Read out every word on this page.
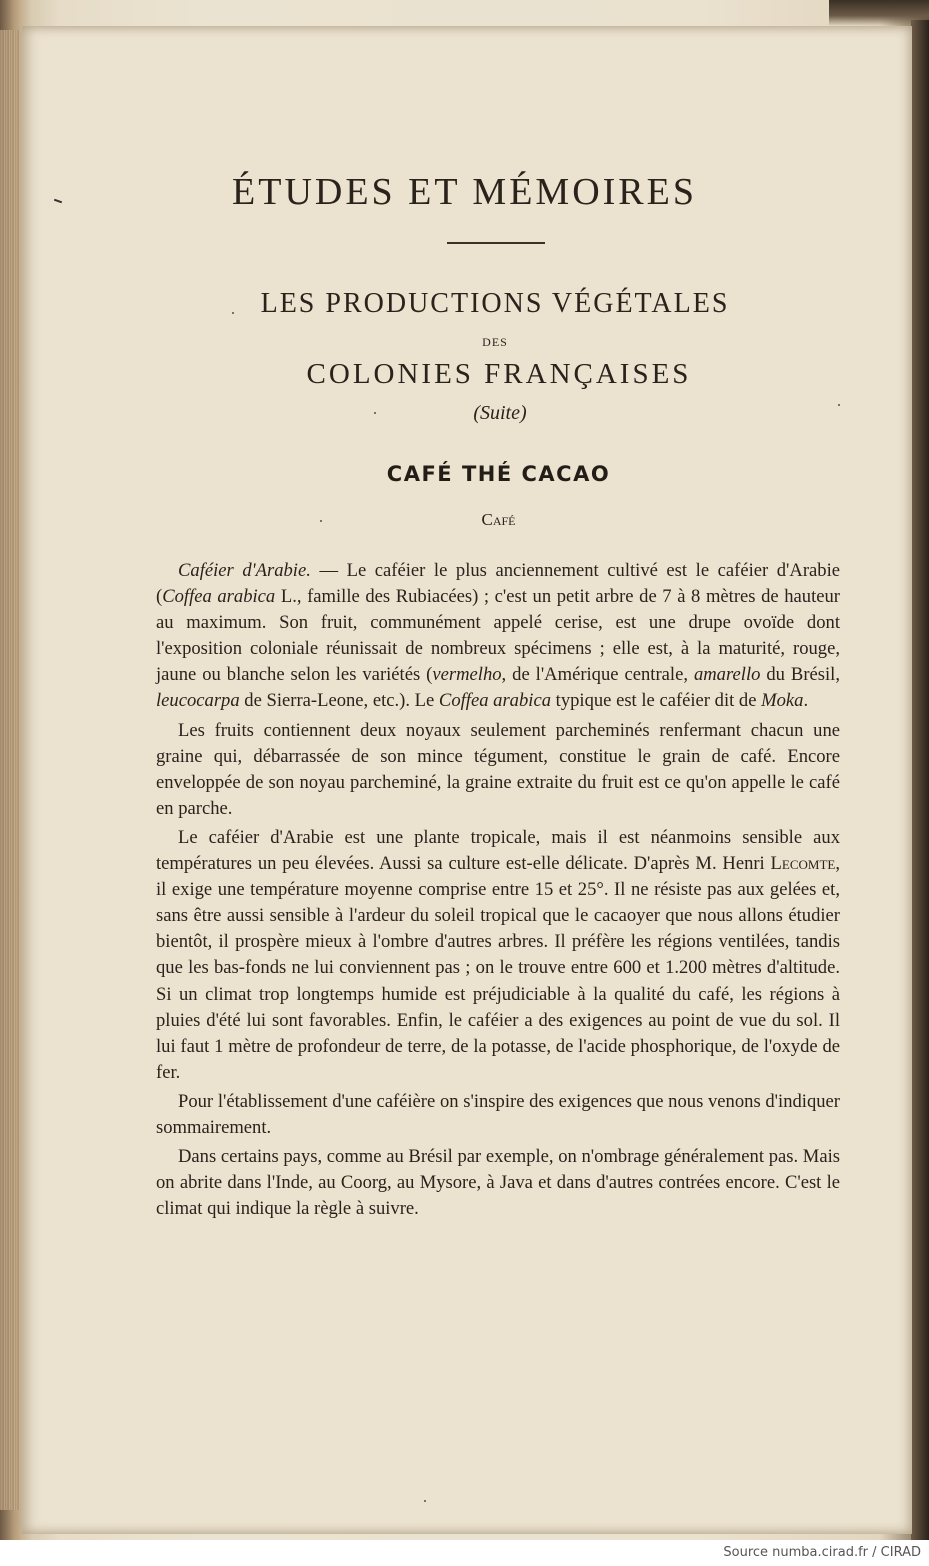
ÉTUDES ET MÉMOIRES
LES PRODUCTIONS VÉGÉTALES
DES
COLONIES FRANÇAISES
(Suite)
CAFÉ THÉ CACAO
Café

Caféier d'Arabie. — Le caféier le plus anciennement cultivé est le caféier d'Arabie (Coffea arabica L., famille des Rubiacées) ; c'est un petit arbre de 7 à 8 mètres de hauteur au maximum. Son fruit, communément appelé cerise, est une drupe ovoïde dont l'exposition coloniale réunissait de nombreux spécimens ; elle est, à la maturité, rouge, jaune ou blanche selon les variétés (vermelho, de l'Amérique centrale, amarello du Brésil, leucocarpa de Sierra-Leone, etc.). Le Coffea arabica typique est le caféier dit de Moka.

Les fruits contiennent deux noyaux seulement parcheminés renfermant chacun une graine qui, débarrassée de son mince tégument, constitue le grain de café. Encore enveloppée de son noyau parcheminé, la graine extraite du fruit est ce qu'on appelle le café en parche.

Le caféier d'Arabie est une plante tropicale, mais il est néanmoins sensible aux températures un peu élevées. Aussi sa culture est-elle délicate. D'après M. Henri Lecomte, il exige une température moyenne comprise entre 15 et 25°. Il ne résiste pas aux gelées et, sans être aussi sensible à l'ardeur du soleil tropical que le cacaoyer que nous allons étudier bientôt, il prospère mieux à l'ombre d'autres arbres. Il préfère les régions ventilées, tandis que les bas-fonds ne lui conviennent pas ; on le trouve entre 600 et 1.200 mètres d'altitude. Si un climat trop longtemps humide est préjudiciable à la qualité du café, les régions à pluies d'été lui sont favorables. Enfin, le caféier a des exigences au point de vue du sol. Il lui faut 1 mètre de profondeur de terre, de la potasse, de l'acide phosphorique, de l'oxyde de fer.

Pour l'établissement d'une caféière on s'inspire des exigences que nous venons d'indiquer sommairement.

Dans certains pays, comme au Brésil par exemple, on n'ombrage généralement pas. Mais on abrite dans l'Inde, au Coorg, au Mysore, à Java et dans d'autres contrées encore. C'est le climat qui indique la règle à suivre.

Source numba.cirad.fr / CIRAD
